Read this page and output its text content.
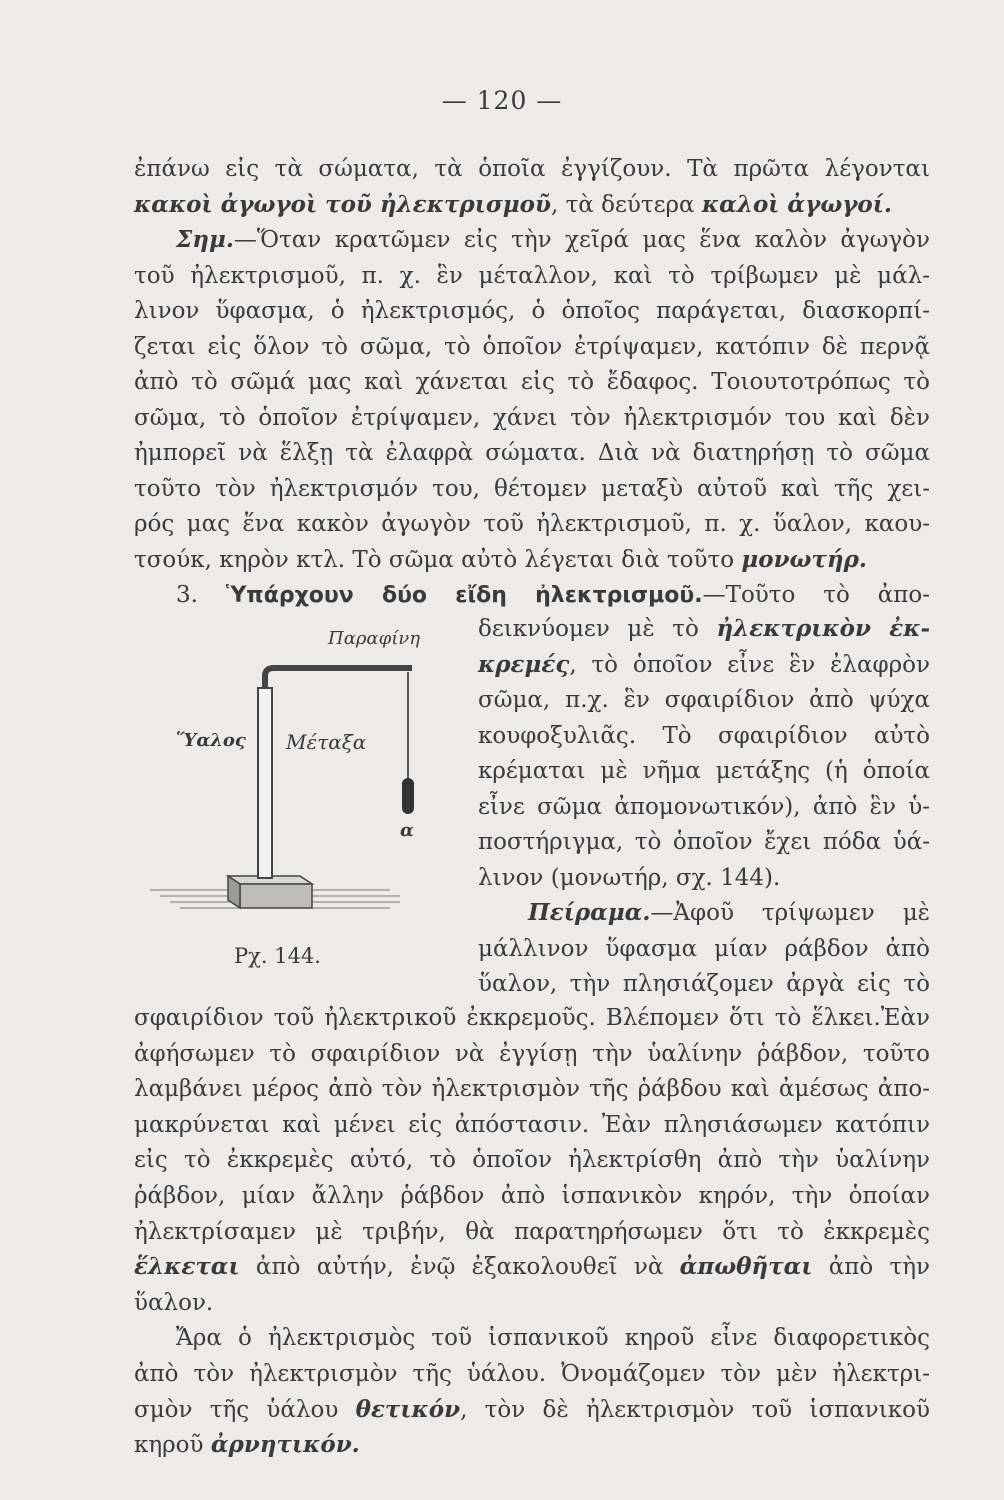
— 120 —
ἐπάνω εἰς τὰ σώματα, τὰ ὁποῖα ἐγγίζουν. Τὰ πρῶτα λέγονται
κακοὶ ἀγωγοὶ τοῦ ἠλεκτρισμοῦ, τὰ δεύτερα καλοὶ ἀγωγοί.
Σημ.—Ὅταν κρατῶμεν εἰς τὴν χεῖρά μας ἕνα καλὸν ἀγωγὸν
τοῦ ἠλεκτρισμοῦ, π. χ. ἓν μέταλλον, καὶ τὸ τρίβωμεν μὲ μάλ-
λινον ὕφασμα, ὁ ἠλεκτρισμός, ὁ ὁποῖος παράγεται, διασκορπί-
ζεται εἰς ὅλον τὸ σῶμα, τὸ ὁποῖον ἐτρίψαμεν, κατόπιν δὲ περνᾷ
ἀπὸ τὸ σῶμά μας καὶ χάνεται εἰς τὸ ἔδαφος. Τοιουτοτρόπως τὸ
σῶμα, τὸ ὁποῖον ἐτρίψαμεν, χάνει τὸν ἠλεκτρισμόν του καὶ δὲν
ἠμπορεῖ νὰ ἕλξῃ τὰ ἐλαφρὰ σώματα. Διὰ νὰ διατηρήσῃ τὸ σῶμα
τοῦτο τὸν ἠλεκτρισμόν του, θέτομεν μεταξὺ αὐτοῦ καὶ τῆς χει-
ρός μας ἕνα κακὸν ἀγωγὸν τοῦ ἠλεκτρισμοῦ, π. χ. ὕαλον, καου-
τσούκ, κηρὸν κτλ. Τὸ σῶμα αὐτὸ λέγεται διὰ τοῦτο μονωτήρ.
3. Ὑπάρχουν δύο εἴδη ἠλεκτρισμοῦ.—Τοῦτο τὸ ἀπο-
δεικνύομεν μὲ τὸ ἠλεκτρικὸν ἐκ-
κρεμές, τὸ ὁποῖον εἶνε ἓν ἐλαφρὸν
σῶμα, π.χ. ἓν σφαιρίδιον ἀπὸ ψύχα
κουφοξυλιᾶς. Τὸ σφαιρίδιον αὐτὸ
κρέμαται μὲ νῆμα μετάξης (ἡ ὁποία
εἶνε σῶμα ἀπομονωτικόν), ἀπὸ ἓν ὑ-
ποστήριγμα, τὸ ὁποῖον ἔχει πόδα ὑά-
λινον (μονωτήρ, σχ. 144).
Πείραμα.—Ἀφοῦ τρίψωμεν μὲ
μάλλινον ὕφασμα μίαν ράβδον ἀπὸ
ὕαλον, τὴν πλησιάζομεν ἀργὰ εἰς τὸ
σφαιρίδιον τοῦ ἠλεκτρικοῦ ἐκκρεμοῦς. Βλέπομεν ὅτι τὸ ἕλκει.Ἐὰν
ἀφήσωμεν τὸ σφαιρίδιον νὰ ἐγγίσῃ τὴν ὑαλίνην ῥάβδον, τοῦτο
λαμβάνει μέρος ἀπὸ τὸν ἠλεκτρισμὸν τῆς ῥάβδου καὶ ἀμέσως ἀπο-
μακρύνεται καὶ μένει εἰς ἀπόστασιν. Ἐὰν πλησιάσωμεν κατόπιν
εἰς τὸ ἐκκρεμὲς αὐτό, τὸ ὁποῖον ἠλεκτρίσθη ἀπὸ τὴν ὑαλίνην
ῥάβδον, μίαν ἄλλην ῥάβδον ἀπὸ ἱσπανικὸν κηρόν, τὴν ὁποίαν
ἠλεκτρίσαμεν μὲ τριβήν, θὰ παρατηρήσωμεν ὅτι τὸ ἐκκρεμὲς
ἕλκεται ἀπὸ αὐτήν, ἐνῷ ἐξακολουθεῖ νὰ ἀπωθῆται ἀπὸ τὴν
ὕαλον.
Ἄρα ὁ ἠλεκτρισμὸς τοῦ ἱσπανικοῦ κηροῦ εἶνε διαφορετικὸς
ἀπὸ τὸν ἠλεκτρισμὸν τῆς ὑάλου. Ὀνομάζομεν τὸν μὲν ἠλεκτρι-
σμὸν τῆς ὑάλου θετικόν, τὸν δὲ ἠλεκτρισμὸν τοῦ ἱσπανικοῦ
κηροῦ ἀρνητικόν.
Παραφίνη
Ὕαλος Μέταξα
α
Ρχ. 144.
